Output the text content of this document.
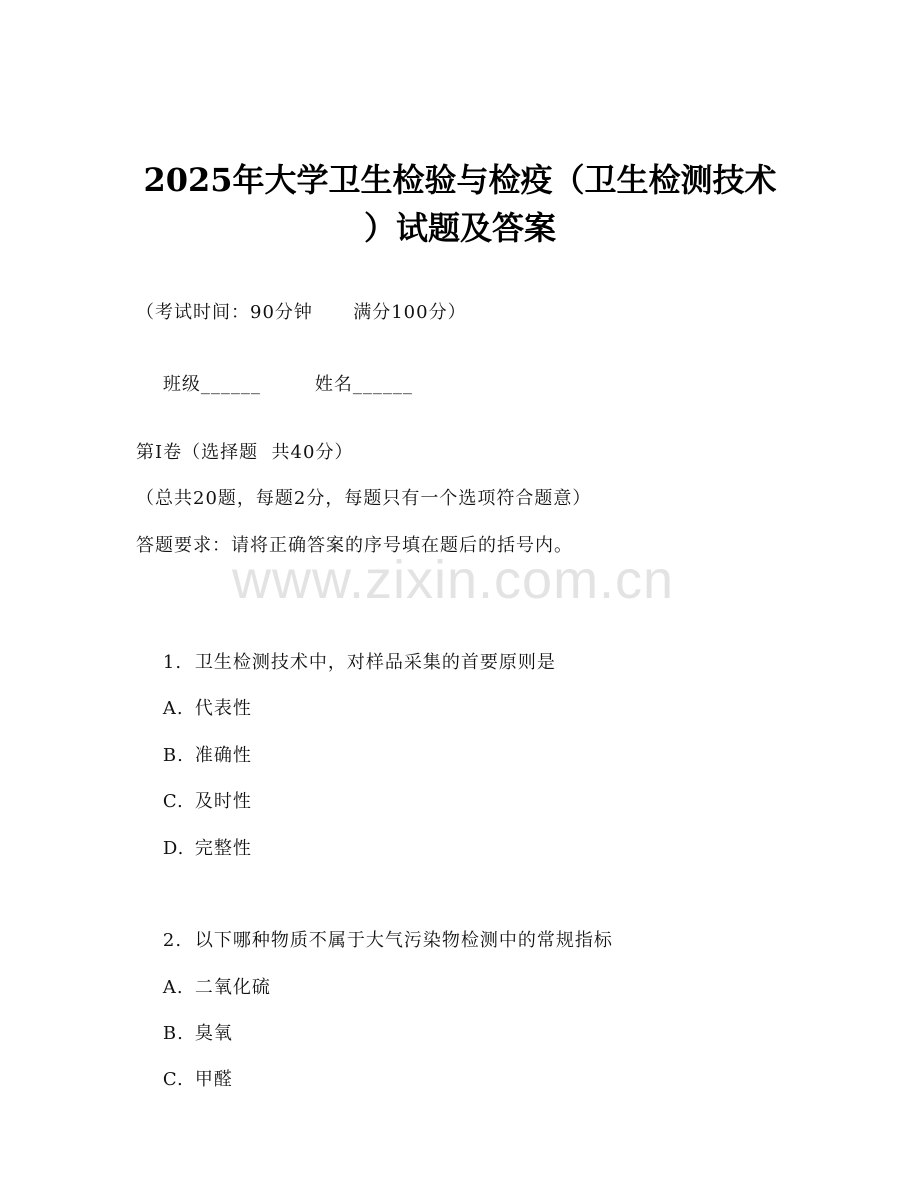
2025年大学卫生检验与检疫（卫生检测技术
）试题及答案
（考试时间：90分钟      满分100分）

班级______	姓名______

第I卷（选择题  共40分）
（总共20题，每题2分，每题只有一个选项符合题意）
答题要求：请将正确答案的序号填在题后的括号内。
www.zixin.com.cn

1. 卫生检测技术中，对样品采集的首要原则是

A. 代表性

B. 准确性

C. 及时性

D. 完整性

2. 以下哪种物质不属于大气污染物检测中的常规指标

A. 二氧化硫

B. 臭氧

C. 甲醛
